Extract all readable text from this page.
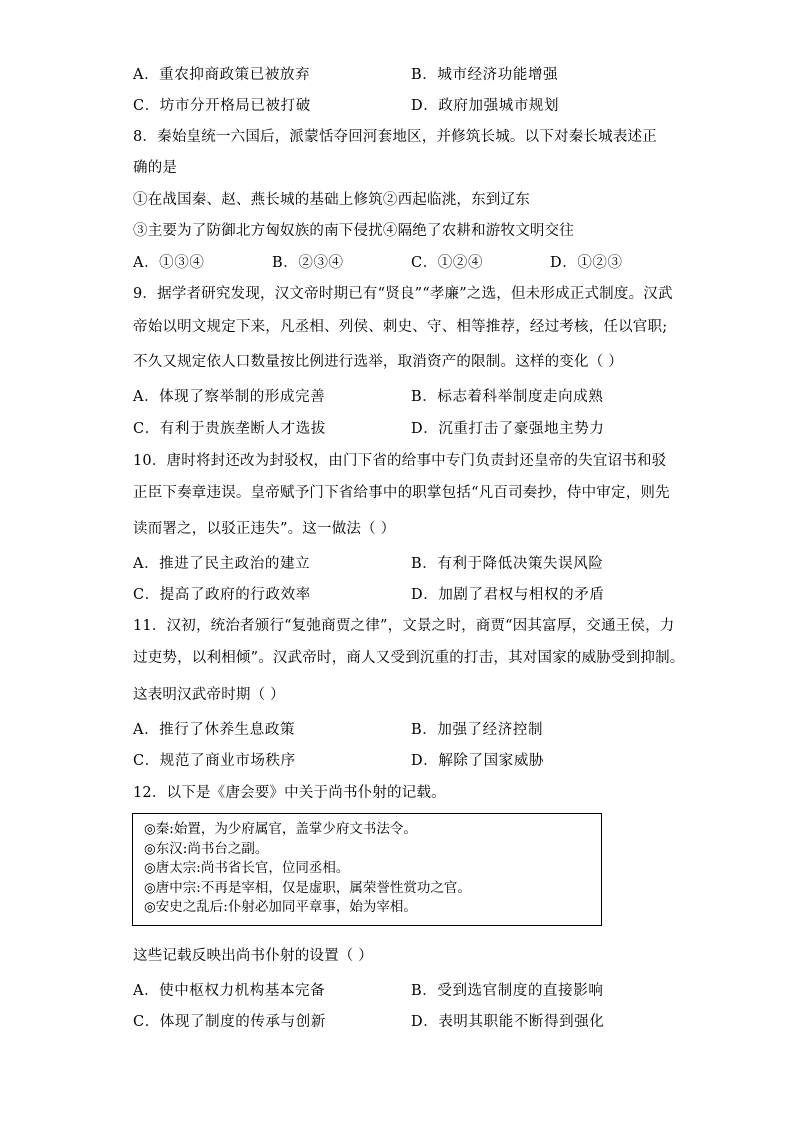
A．重农抑商政策已被放弃	B．城市经济功能增强
C．坊市分开格局已被打破	D．政府加强城市规划
8．秦始皇统一六国后，派蒙恬夺回河套地区，并修筑长城。以下对秦长城表述正
确的是
①在战国秦、赵、燕长城的基础上修筑②西起临洮，东到辽东
③主要为了防御北方匈奴族的南下侵扰④隔绝了农耕和游牧文明交往
A．①③④	B．②③④	C．①②④	D．①②③
9．据学者研究发现，汉文帝时期已有“贤良”“孝廉”之选，但未形成正式制度。汉武
帝始以明文规定下来，凡丞相、列侯、刺史、守、相等推荐，经过考核，任以官职;
不久又规定依人口数量按比例进行选举，取消资产的限制。这样的变化（ ）
A．体现了察举制的形成完善	B．标志着科举制度走向成熟
C．有利于贵族垄断人才选拔	D．沉重打击了豪强地主势力
10．唐时将封还改为封驳权，由门下省的给事中专门负责封还皇帝的失宜诏书和驳
正臣下奏章违误。皇帝赋予门下省给事中的职掌包括“凡百司奏抄，侍中审定，则先
读而署之，以驳正违失”。这一做法（ ）
A．推进了民主政治的建立	B．有利于降低决策失误风险
C．提高了政府的行政效率	D．加剧了君权与相权的矛盾
11．汉初，统治者颁行“复弛商贾之律”，文景之时，商贾“因其富厚，交通王侯，力
过吏势，以利相倾”。汉武帝时，商人又受到沉重的打击，其对国家的威胁受到抑制。
这表明汉武帝时期（ ）
A．推行了休养生息政策	B．加强了经济控制
C．规范了商业市场秩序	D．解除了国家威胁
12．以下是《唐会要》中关于尚书仆射的记载。
◎秦:始置，为少府属官，盖掌少府文书法令。
◎东汉:尚书台之副。
◎唐太宗:尚书省长官，位同丞相。
◎唐中宗:不再是宰相，仅是虚职，属荣誉性赏功之官。
◎安史之乱后:仆射必加同平章事，始为宰相。
这些记载反映出尚书仆射的设置（ ）
A．使中枢权力机构基本完备	B．受到选官制度的直接影响
C．体现了制度的传承与创新	D．表明其职能不断得到强化
